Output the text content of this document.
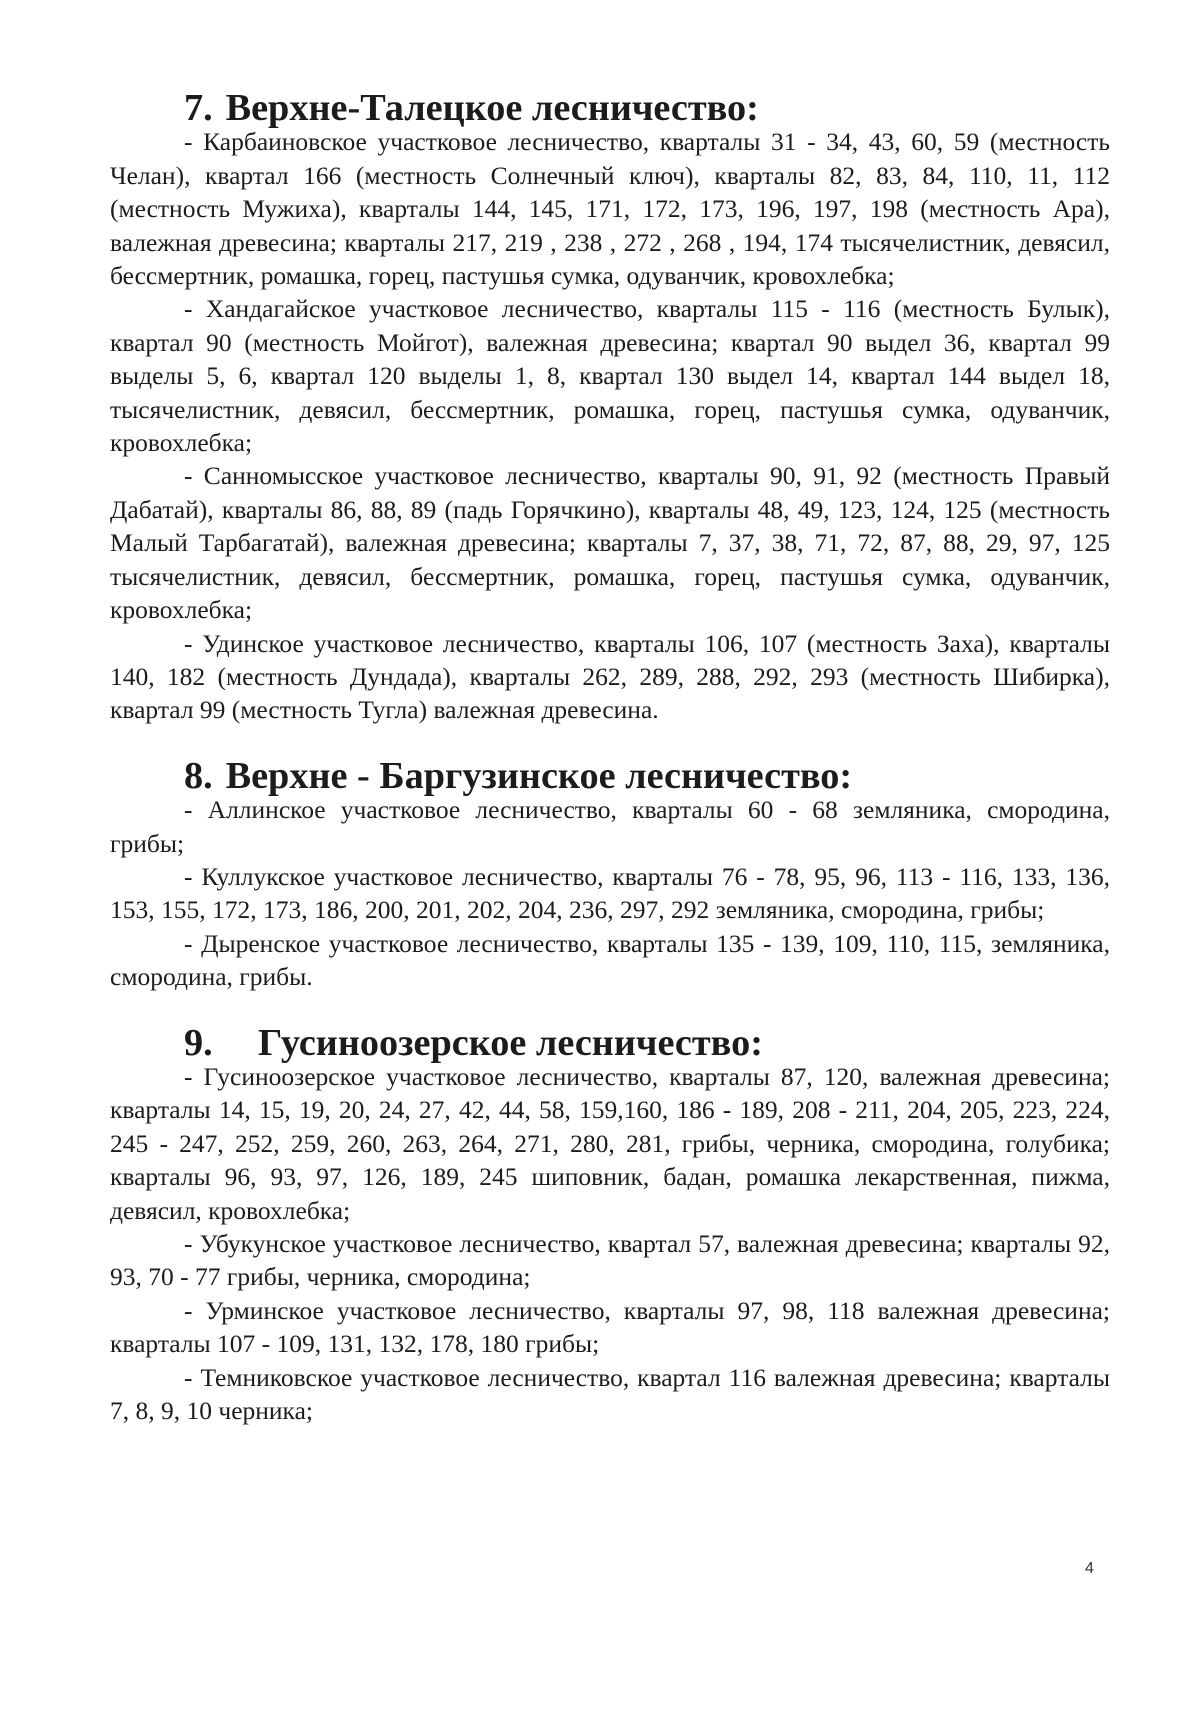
7. Верхне-Талецкое лесничество:

- Карбаиновское участковое лесничество, кварталы 31 - 34, 43, 60, 59 (местность Челан), квартал 166 (местность Солнечный ключ), кварталы 82, 83, 84, 110, 11, 112 (местность Мужиха), кварталы 144, 145, 171, 172, 173, 196, 197, 198 (местность Ара), валежная древесина; кварталы 217, 219 , 238 , 272 , 268 , 194, 174 тысячелистник, девясил, бессмертник, ромашка, горец, пастушья сумка, одуванчик, кровохлебка;

- Хандагайское участковое лесничество, кварталы 115 - 116 (местность Булык), квартал 90 (местность Мойгот), валежная древесина; квартал 90 выдел 36, квартал 99 выделы 5, 6, квартал 120 выделы 1, 8, квартал 130 выдел 14, квартал 144 выдел 18, тысячелистник, девясил, бессмертник, ромашка, горец, пастушья сумка, одуванчик, кровохлебка;

- Санномысское участковое лесничество, кварталы 90, 91, 92 (местность Правый Дабатай), кварталы 86, 88, 89 (падь Горячкино), кварталы 48, 49, 123, 124, 125 (местность Малый Тарбагатай), валежная древесина; кварталы 7, 37, 38, 71, 72, 87, 88, 29, 97, 125 тысячелистник, девясил, бессмертник, ромашка, горец, пастушья сумка, одуванчик, кровохлебка;

- Удинское участковое лесничество, кварталы 106, 107 (местность Заха), кварталы 140, 182 (местность Дундада), кварталы 262, 289, 288, 292, 293 (местность Шибирка), квартал 99 (местность Тугла) валежная древесина.

8. Верхне - Баргузинское лесничество:

- Аллинское участковое лесничество, кварталы 60 - 68 земляника, смородина, грибы;

- Куллукское участковое лесничество, кварталы 76 - 78, 95, 96, 113 - 116, 133, 136, 153, 155, 172, 173, 186, 200, 201, 202, 204, 236, 297, 292 земляника, смородина, грибы;

- Дыренское участковое лесничество, кварталы 135 - 139, 109, 110, 115, земляника, смородина, грибы.

9. Гусиноозерское лесничество:

- Гусиноозерское участковое лесничество, кварталы 87, 120, валежная древесина; кварталы 14, 15, 19, 20, 24, 27, 42, 44, 58, 159,160, 186 - 189, 208 - 211, 204, 205, 223, 224, 245 - 247, 252, 259, 260, 263, 264, 271, 280, 281, грибы, черника, смородина, голубика; кварталы 96, 93, 97, 126, 189, 245 шиповник, бадан, ромашка лекарственная, пижма, девясил, кровохлебка;

- Убукунское участковое лесничество, квартал 57, валежная древесина; кварталы 92, 93, 70 - 77 грибы, черника, смородина;

- Урминское участковое лесничество, кварталы 97, 98, 118 валежная древесина; кварталы 107 - 109, 131, 132, 178, 180 грибы;

- Темниковское участковое лесничество, квартал 116 валежная древесина; кварталы 7, 8, 9, 10 черника;

4
